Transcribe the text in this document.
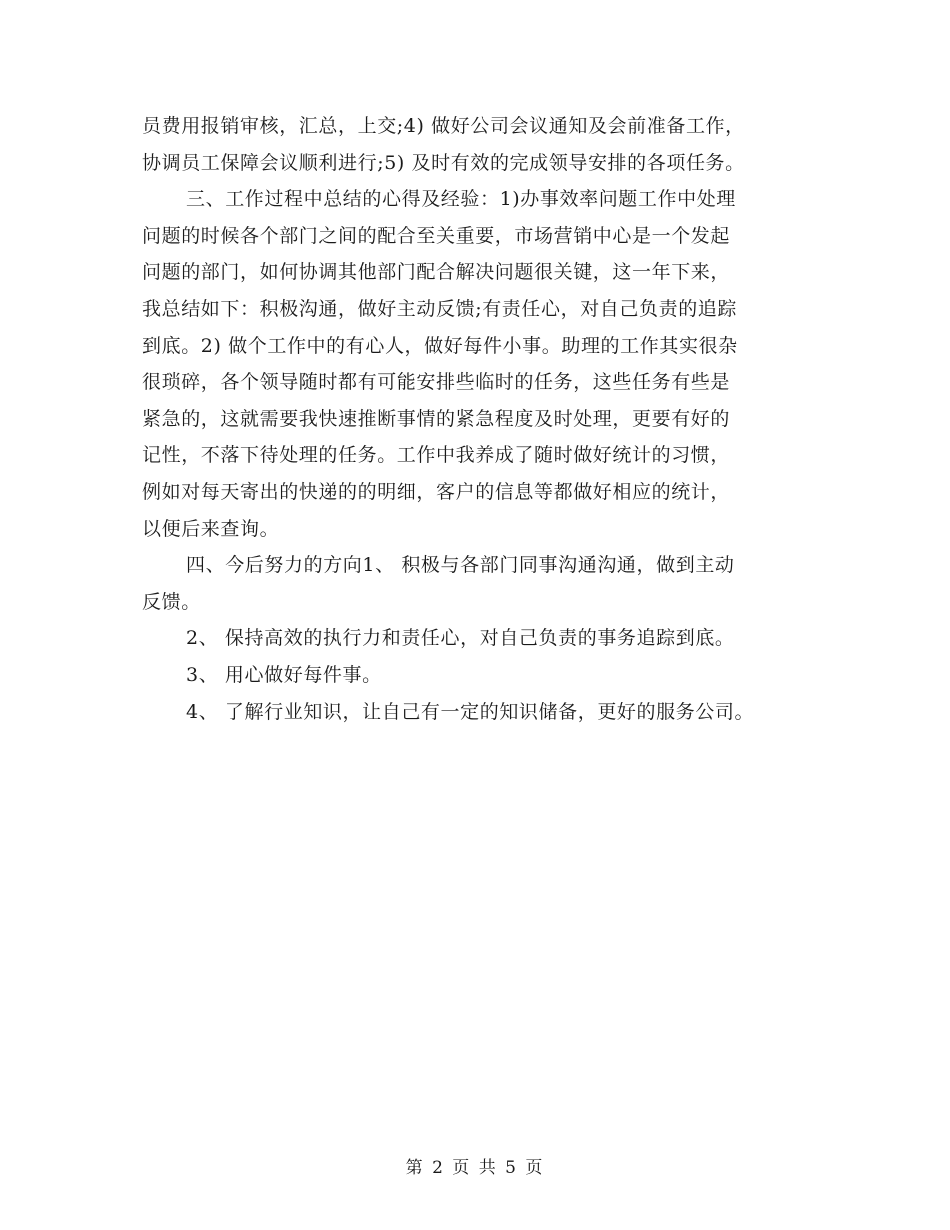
员费用报销审核，汇总，上交;4) 做好公司会议通知及会前准备工作，
协调员工保障会议顺利进行;5) 及时有效的完成领导安排的各项任务。
三、工作过程中总结的心得及经验：1)办事效率问题工作中处理
问题的时候各个部门之间的配合至关重要，市场营销中心是一个发起
问题的部门，如何协调其他部门配合解决问题很关键，这一年下来，
我总结如下：积极沟通，做好主动反馈;有责任心，对自己负责的追踪
到底。2) 做个工作中的有心人，做好每件小事。助理的工作其实很杂
很琐碎，各个领导随时都有可能安排些临时的任务，这些任务有些是
紧急的，这就需要我快速推断事情的紧急程度及时处理，更要有好的
记性，不落下待处理的任务。工作中我养成了随时做好统计的习惯，
例如对每天寄出的快递的的明细，客户的信息等都做好相应的统计，
以便后来查询。
四、今后努力的方向1、 积极与各部门同事沟通沟通，做到主动
反馈。
2、 保持高效的执行力和责任心，对自己负责的事务追踪到底。
3、 用心做好每件事。
4、 了解行业知识，让自己有一定的知识储备，更好的服务公司。
第 2 页 共 5 页
